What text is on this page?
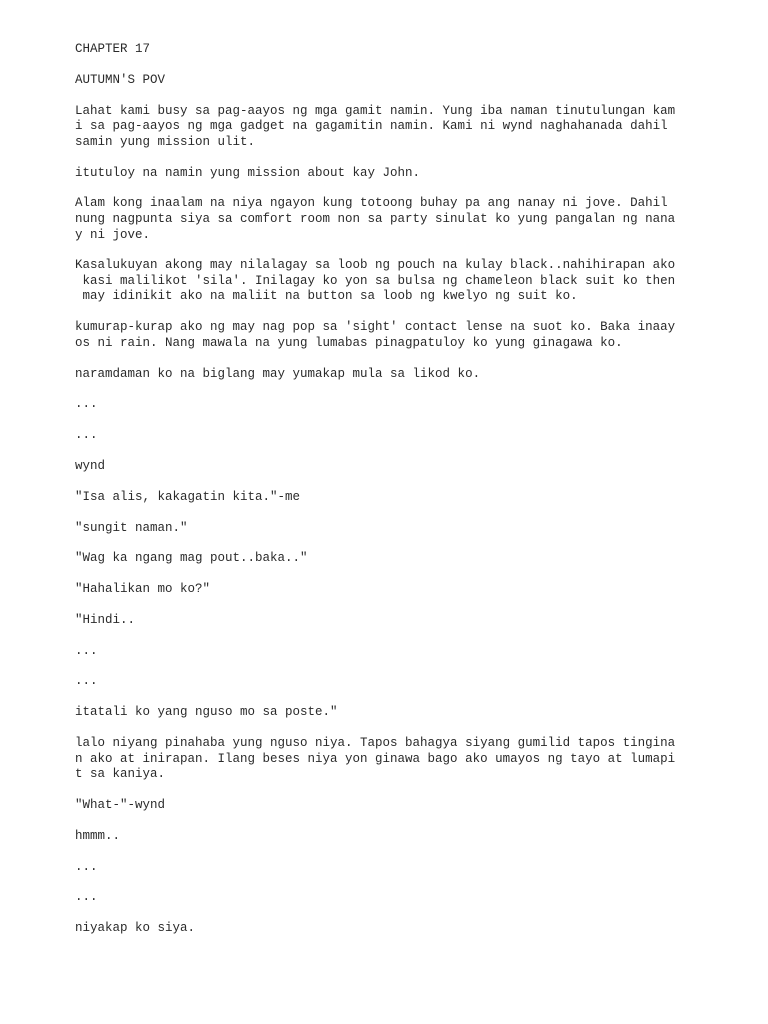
CHAPTER 17

AUTUMN'S POV

Lahat kami busy sa pag-aayos ng mga gamit namin. Yung iba naman tinutulungan kam
i sa pag-aayos ng mga gadget na gagamitin namin. Kami ni wynd naghahanada dahil
samin yung mission ulit.

itutuloy na namin yung mission about kay John.

Alam kong inaalam na niya ngayon kung totoong buhay pa ang nanay ni jove. Dahil
nung nagpunta siya sa comfort room non sa party sinulat ko yung pangalan ng nana
y ni jove.

Kasalukuyan akong may nilalagay sa loob ng pouch na kulay black..nahihirapan ako
kasi malilikot 'sila'. Inilagay ko yon sa bulsa ng chameleon black suit ko then
may idinikit ako na maliit na button sa loob ng kwelyo ng suit ko.

kumurap-kurap ako ng may nag pop sa 'sight' contact lense na suot ko. Baka inaay
os ni rain. Nang mawala na yung lumabas pinagpatuloy ko yung ginagawa ko.

naramdaman ko na biglang may yumakap mula sa likod ko.

...

...

wynd

"Isa alis, kakagatin kita."-me

"sungit naman."

"Wag ka ngang mag pout..baka.."

"Hahalikan mo ko?"

"Hindi..

...

...

itatali ko yang nguso mo sa poste."

lalo niyang pinahaba yung nguso niya. Tapos bahagya siyang gumilid tapos tingina
n ako at inirapan. Ilang beses niya yon ginawa bago ako umayos ng tayo at lumapi
t sa kaniya.

"What-"-wynd

hmmm..

...

...

niyakap ko siya.
